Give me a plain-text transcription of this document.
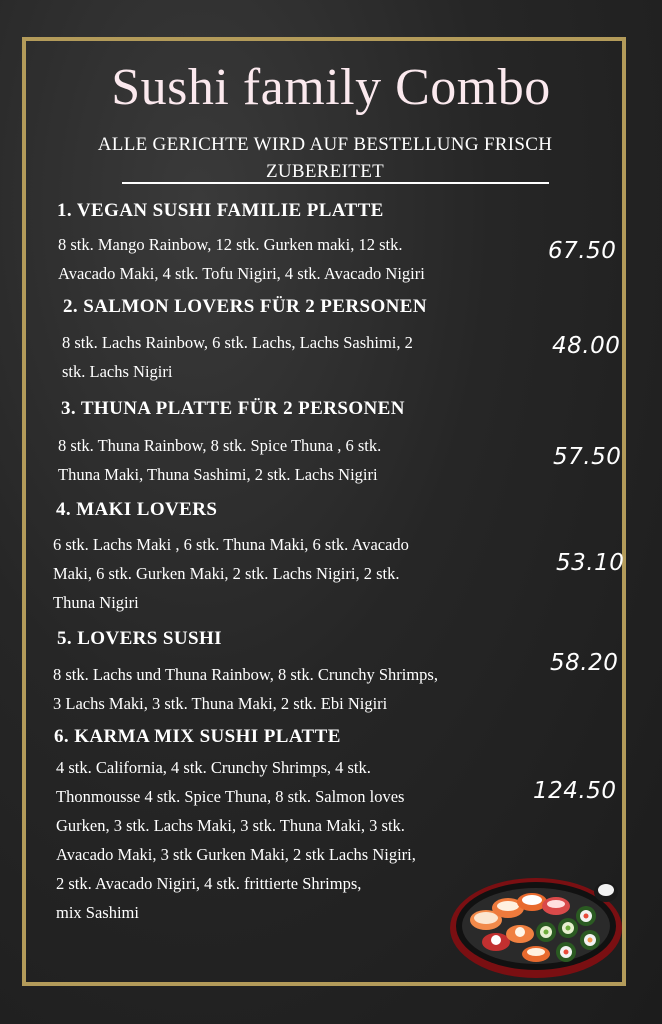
Sushi family Combo
ALLE GERICHTE WIRD AUF BESTELLUNG FRISCH ZUBEREITET
1. VEGAN SUSHI FAMILIE PLATTE
8 stk. Mango Rainbow, 12 stk. Gurken maki, 12 stk.
Avacado Maki, 4 stk. Tofu Nigiri, 4 stk. Avacado Nigiri
67.50
2. SALMON LOVERS FÜR 2 PERSONEN
8 stk. Lachs Rainbow, 6 stk. Lachs, Lachs Sashimi, 2
stk. Lachs Nigiri
48.00
3. THUNA PLATTE FÜR 2 PERSONEN
8 stk. Thuna Rainbow, 8 stk. Spice Thuna , 6 stk.
Thuna Maki, Thuna Sashimi, 2 stk. Lachs Nigiri
57.50
4. MAKI LOVERS
6 stk. Lachs Maki , 6 stk. Thuna Maki, 6 stk. Avacado
Maki, 6 stk. Gurken Maki, 2 stk. Lachs Nigiri, 2 stk.
Thuna Nigiri
53.10
5. LOVERS SUSHI
8 stk. Lachs und Thuna Rainbow, 8 stk. Crunchy Shrimps,
3 Lachs Maki, 3 stk. Thuna Maki, 2 stk. Ebi Nigiri
58.20
6. KARMA MIX SUSHI PLATTE
4 stk. California, 4 stk. Crunchy Shrimps, 4 stk.
Thonmousse 4 stk. Spice Thuna, 8 stk. Salmon loves
Gurken, 3 stk. Lachs Maki, 3 stk. Thuna Maki, 3 stk.
Avacado Maki, 3 stk Gurken Maki, 2 stk Lachs Nigiri,
2 stk. Avacado Nigiri, 4 stk. frittierte Shrimps,
mix Sashimi
124.50
